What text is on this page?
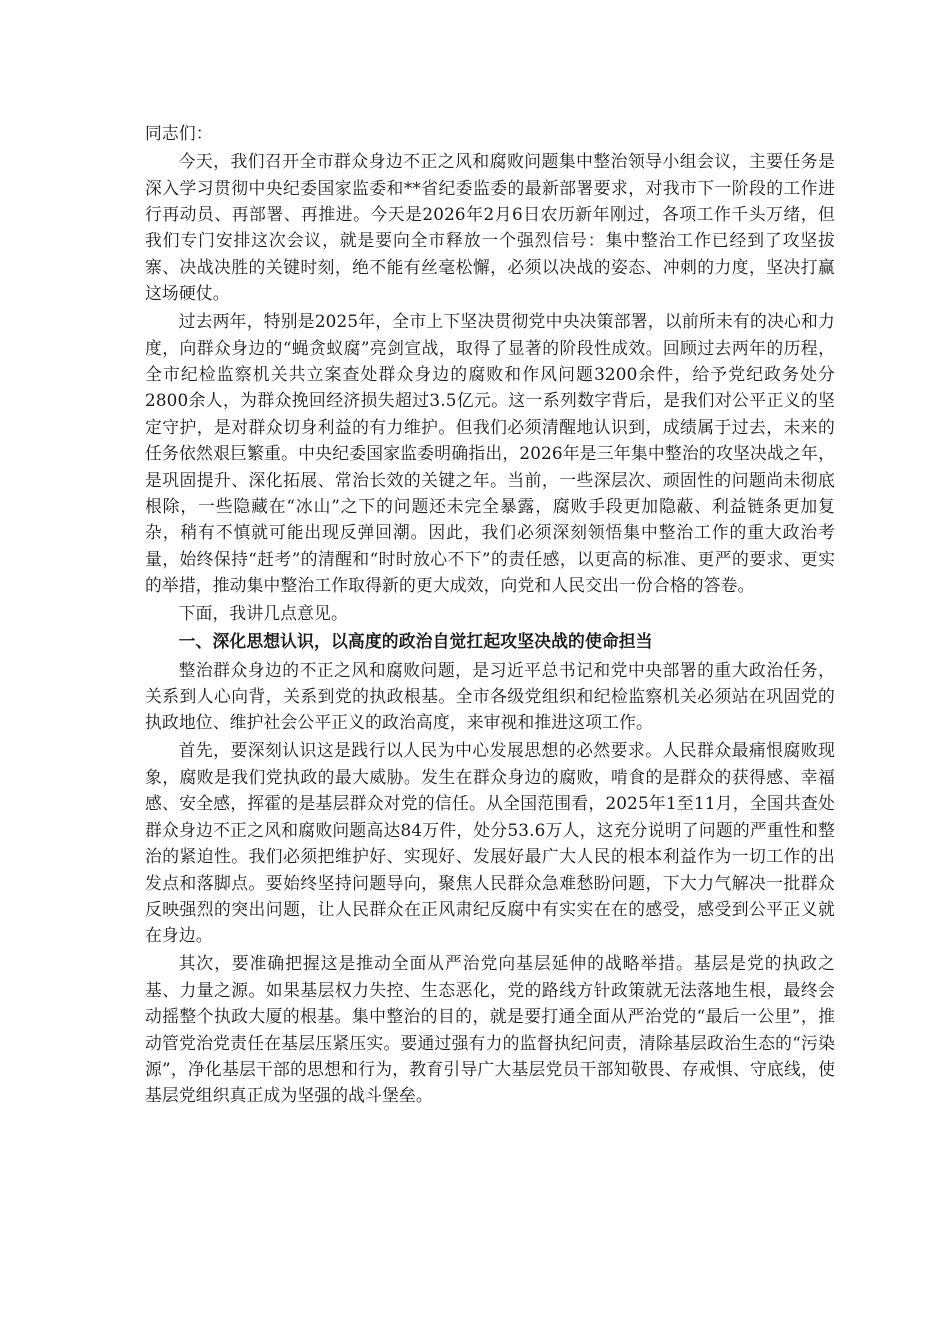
同志们：
今天，我们召开全市群众身边不正之风和腐败问题集中整治领导小组会议，主要任务是深入学习贯彻中央纪委国家监委和**省纪委监委的最新部署要求，对我市下一阶段的工作进行再动员、再部署、再推进。今天是2026年2月6日农历新年刚过，各项工作千头万绪，但我们专门安排这次会议，就是要向全市释放一个强烈信号：集中整治工作已经到了攻坚拔寨、决战决胜的关键时刻，绝不能有丝毫松懈，必须以决战的姿态、冲刺的力度，坚决打赢这场硬仗。
过去两年，特别是2025年，全市上下坚决贯彻党中央决策部署，以前所未有的决心和力度，向群众身边的“蝇贪蚁腐”亮剑宣战，取得了显著的阶段性成效。回顾过去两年的历程，全市纪检监察机关共立案查处群众身边的腐败和作风问题3200余件，给予党纪政务处分2800余人，为群众挽回经济损失超过3.5亿元。这一系列数字背后，是我们对公平正义的坚定守护，是对群众切身利益的有力维护。但我们必须清醒地认识到，成绩属于过去，未来的任务依然艰巨繁重。中央纪委国家监委明确指出，2026年是三年集中整治的攻坚决战之年，是巩固提升、深化拓展、常治长效的关键之年。当前，一些深层次、顽固性的问题尚未彻底根除，一些隐藏在“冰山”之下的问题还未完全暴露，腐败手段更加隐蔽、利益链条更加复杂，稍有不慎就可能出现反弹回潮。因此，我们必须深刻领悟集中整治工作的重大政治考量，始终保持“赶考”的清醒和“时时放心不下”的责任感，以更高的标准、更严的要求、更实的举措，推动集中整治工作取得新的更大成效，向党和人民交出一份合格的答卷。
下面，我讲几点意见。
一、深化思想认识，以高度的政治自觉扛起攻坚决战的使命担当
整治群众身边的不正之风和腐败问题，是习近平总书记和党中央部署的重大政治任务，关系到人心向背，关系到党的执政根基。全市各级党组织和纪检监察机关必须站在巩固党的执政地位、维护社会公平正义的政治高度，来审视和推进这项工作。
首先，要深刻认识这是践行以人民为中心发展思想的必然要求。人民群众最痛恨腐败现象，腐败是我们党执政的最大威胁。发生在群众身边的腐败，啃食的是群众的获得感、幸福感、安全感，挥霍的是基层群众对党的信任。从全国范围看，2025年1至11月，全国共查处群众身边不正之风和腐败问题高达84万件，处分53.6万人，这充分说明了问题的严重性和整治的紧迫性。我们必须把维护好、实现好、发展好最广大人民的根本利益作为一切工作的出发点和落脚点。要始终坚持问题导向，聚焦人民群众急难愁盼问题，下大力气解决一批群众反映强烈的突出问题，让人民群众在正风肃纪反腐中有实实在在的感受，感受到公平正义就在身边。
其次，要准确把握这是推动全面从严治党向基层延伸的战略举措。基层是党的执政之基、力量之源。如果基层权力失控、生态恶化，党的路线方针政策就无法落地生根，最终会动摇整个执政大厦的根基。集中整治的目的，就是要打通全面从严治党的“最后一公里”，推动管党治党责任在基层压紧压实。要通过强有力的监督执纪问责，清除基层政治生态的“污染源”，净化基层干部的思想和行为，教育引导广大基层党员干部知敬畏、存戒惧、守底线，使基层党组织真正成为坚强的战斗堡垒。
